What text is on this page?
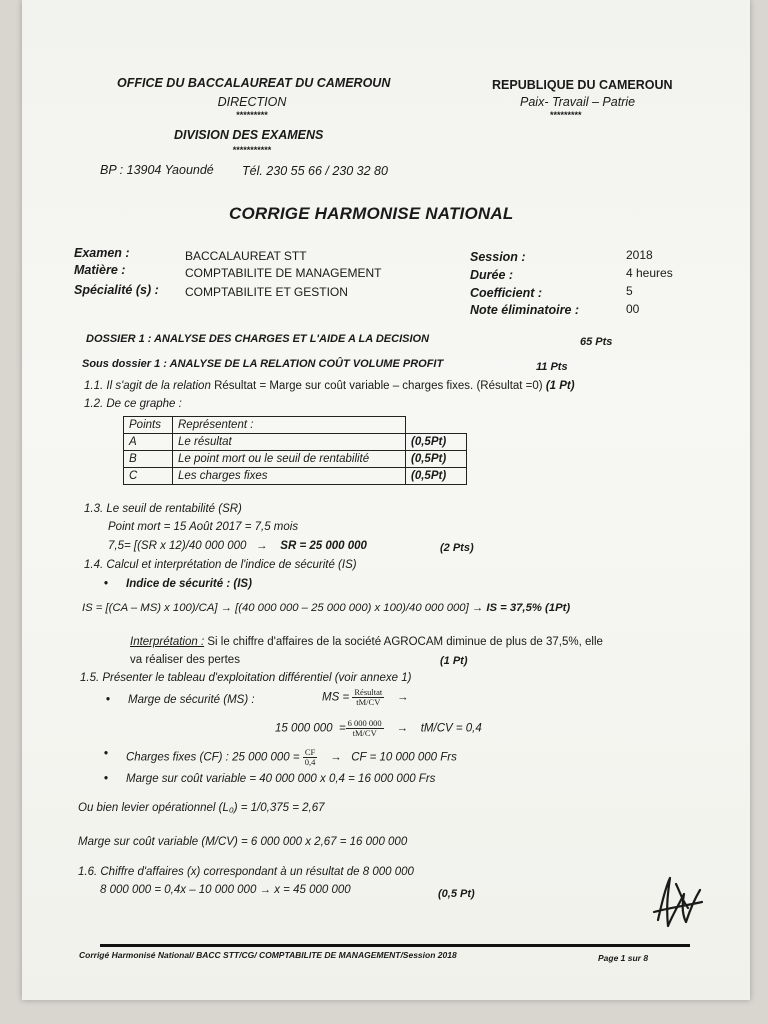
OFFICE DU BACCALAUREAT DU CAMEROUN
DIRECTION
*********
DIVISION DES EXAMENS
***********
BP : 13904 Yaoundé Tél. 230 55 66 / 230 32 80
REPUBLIQUE DU CAMEROUN
Paix- Travail – Patrie
*********
CORRIGE HARMONISE NATIONAL
Examen :	BACCALAUREAT STT
Matière :	COMPTABILITE DE MANAGEMENT
Spécialité (s) : COMPTABILITE ET GESTION
Session :	2018
Durée :	4 heures
Coefficient :	5
Note éliminatoire :	00
DOSSIER 1 : ANALYSE DES CHARGES ET L'AIDE A LA DECISION	65 Pts
Sous dossier 1 : ANALYSE DE LA RELATION COÛT VOLUME PROFIT	11 Pts
1.1. Il s'agit de la relation Résultat = Marge sur coût variable – charges fixes. (Résultat =0) (1 Pt)
1.2. De ce graphe :
Points	Représentent :	
A	Le résultat	(0,5Pt)
B	Le point mort ou le seuil de rentabilité	(0,5Pt)
C	Les charges fixes	(0,5Pt)
1.3. Le seuil de rentabilité (SR)
Point mort = 15 Août 2017 = 7,5 mois
7,5= [(SR x 12)/40 000 000 → SR = 25 000 000	(2 Pts)
1.4. Calcul et interprétation de l'indice de sécurité (IS)
• Indice de sécurité : (IS)
IS = [(CA – MS) x 100)/CA] → [(40 000 000 – 25 000 000) x 100)/40 000 000] → IS = 37,5% (1Pt)
Interprétation : Si le chiffre d'affaires de la société AGROCAM diminue de plus de 37,5%, elle
va réaliser des pertes	(1 Pt)
1.5. Présenter le tableau d'exploitation différentiel (voir annexe 1)
• Marge de sécurité (MS) :	MS = $\frac{\text{Résultat}}{tM/CV}$ →
15 000 $000 = \frac{6 000 000}{tM/CV} \to tM/CV = 0,4$
• Charges fixes (CF) : 25 000 $000 = \frac{CF}{0,4}$ → CF = 10 000 000 Frs
• Marge sur coût variable = 40 000 000 x 0,4 = 16 000 000 Frs
Ou bien levier opérationnel (L₀) = 1/0,375 = 2,67
Marge sur coût variable (M/CV) = 6 000 000 x 2,67 = 16 000 000
1.6. Chiffre d'affaires (x) correspondant à un résultat de 8 000 000
8 000 000 = 0,4x – 10 000 000 → x = 45 000 000	(0,5 Pt)
Corrigé Harmonisé National/ BACC STT/CG/ COMPTABILITE DE MANAGEMENT/Session 2018	Page 1 sur 8
